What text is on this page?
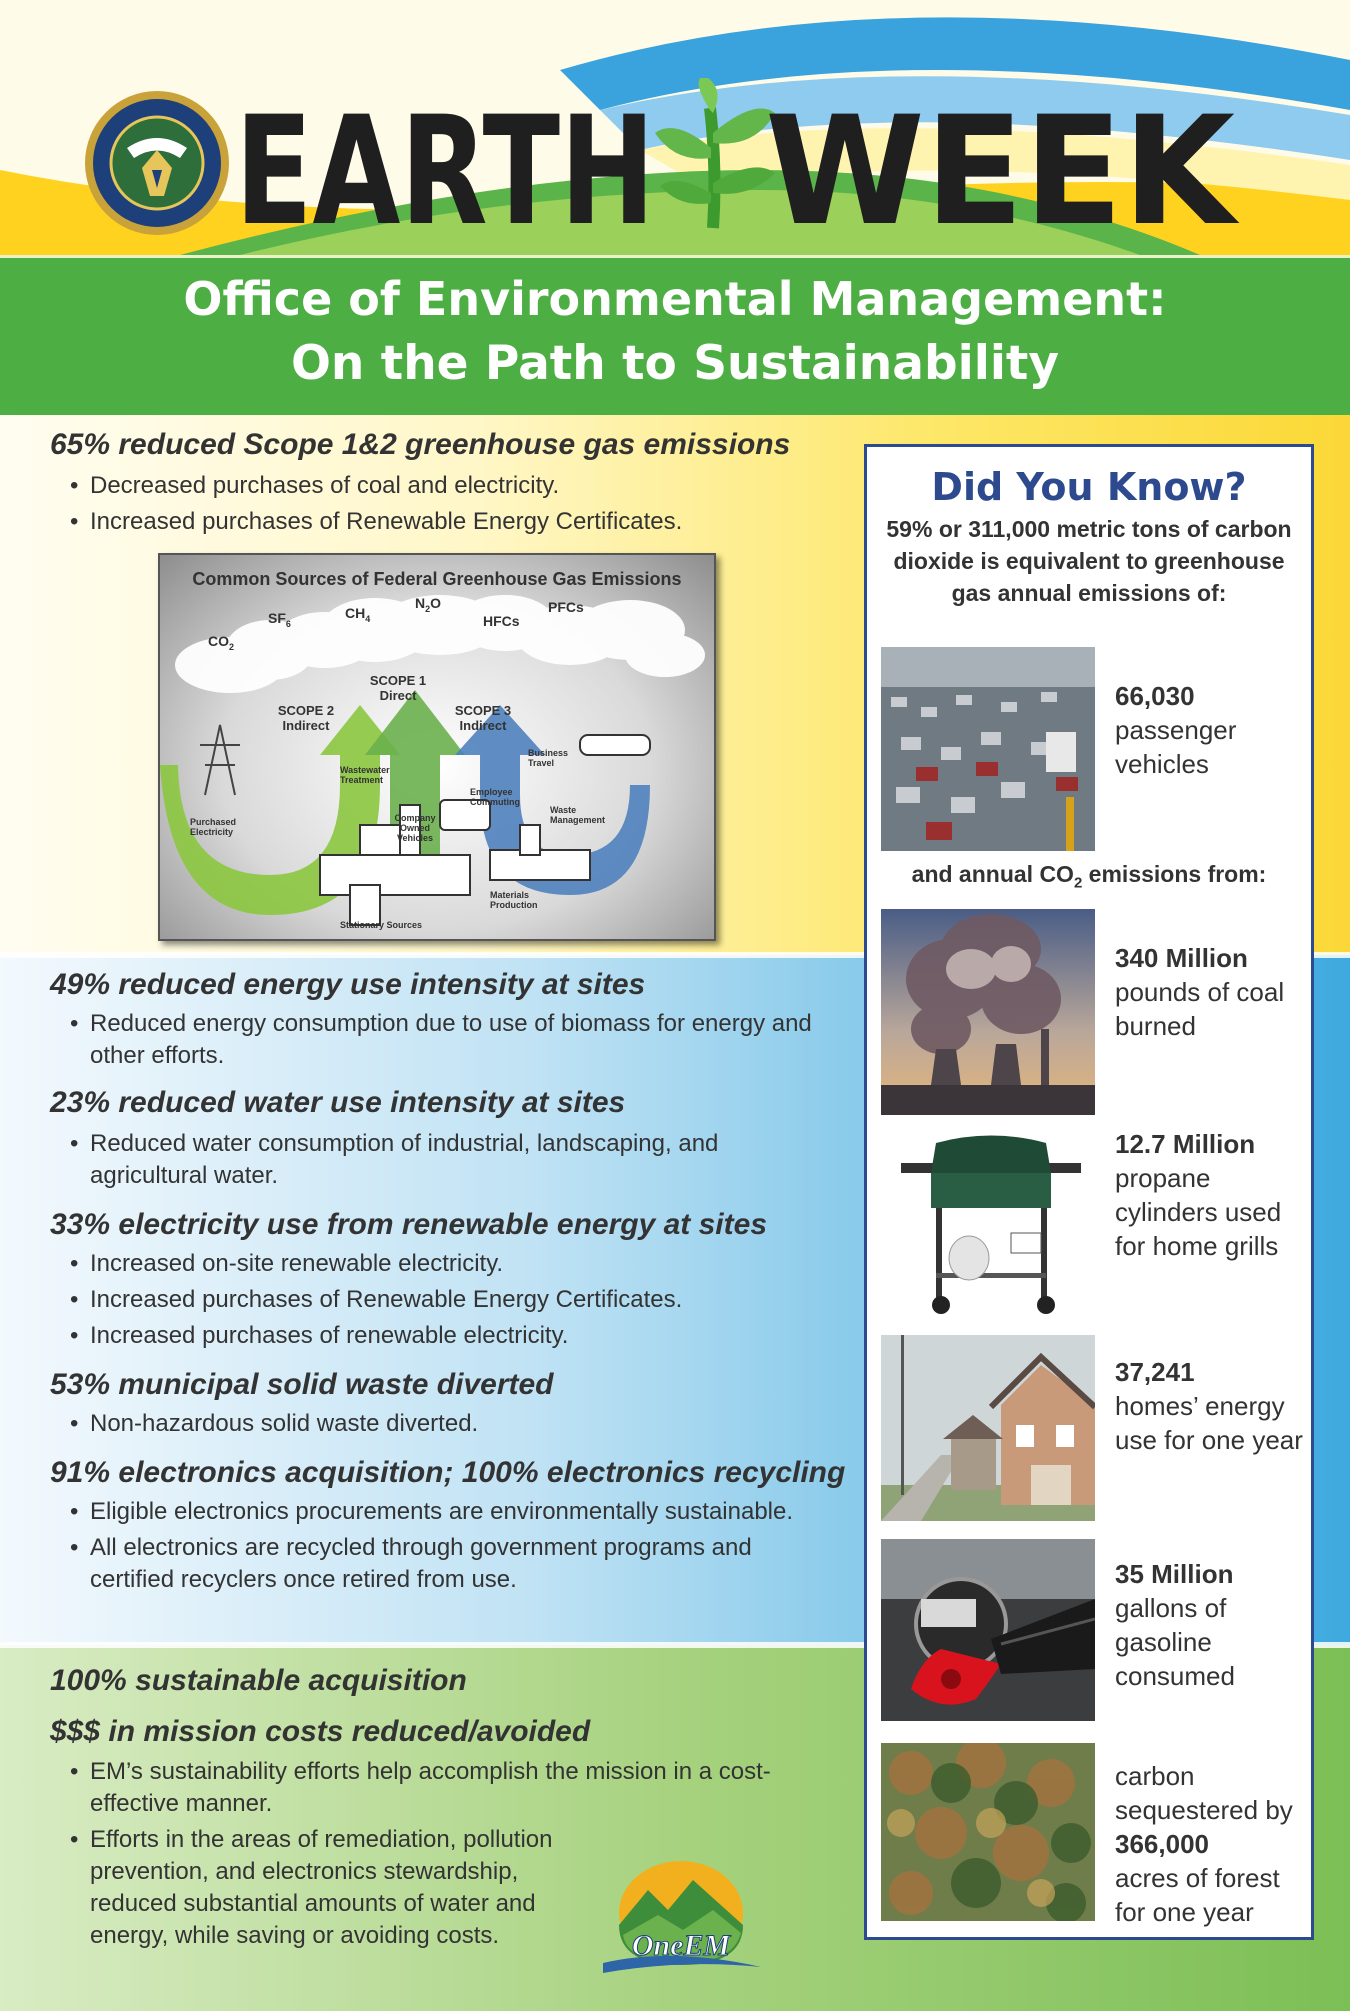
EARTH WEEK
Office of Environmental Management:
On the Path to Sustainability
65% reduced Scope 1&2 greenhouse gas emissions
• Decreased purchases of coal and electricity.
• Increased purchases of Renewable Energy Certificates.
Common Sources of Federal Greenhouse Gas Emissions
$CO_2$
$SF_6$
$CH_4$
$N_2O$
HFCs
PFCs
SCOPE 1
Direct
SCOPE 2
Indirect
SCOPE 3
Indirect
Purchased Electricity
Wastewater Treatment
Company Owned Vehicles
Stationary Sources
Business Travel
Employee Commuting
Waste Management
Materials Production
49% reduced energy use intensity at sites
• Reduced energy consumption due to use of biomass for energy and other efforts.
23% reduced water use intensity at sites
• Reduced water consumption of industrial, landscaping, and agricultural water.
33% electricity use from renewable energy at sites
• Increased on-site renewable electricity.
• Increased purchases of Renewable Energy Certificates.
• Increased purchases of renewable electricity.
53% municipal solid waste diverted
• Non-hazardous solid waste diverted.
91% electronics acquisition; 100% electronics recycling
• Eligible electronics procurements are environmentally sustainable.
• All electronics are recycled through government programs and certified recyclers once retired from use.
100% sustainable acquisition
$$$ in mission costs reduced/avoided
• EM’s sustainability efforts help accomplish the mission in a cost-effective manner.
• Efforts in the areas of remediation, pollution prevention, and electronics stewardship, reduced substantial amounts of water and energy, while saving or avoiding costs.	OneEM
Did You Know?
59% or 311,000 metric tons of carbon dioxide is equivalent to greenhouse gas annual emissions of:
66,030
passenger vehicles
and annual $CO_2$ emissions from:
340 Million
pounds of coal burned
12.7 Million
propane cylinders used for home grills
37,241
homes’ energy use for one year
35 Million
gallons of gasoline consumed
carbon sequestered by
366,000
acres of forest for one year
